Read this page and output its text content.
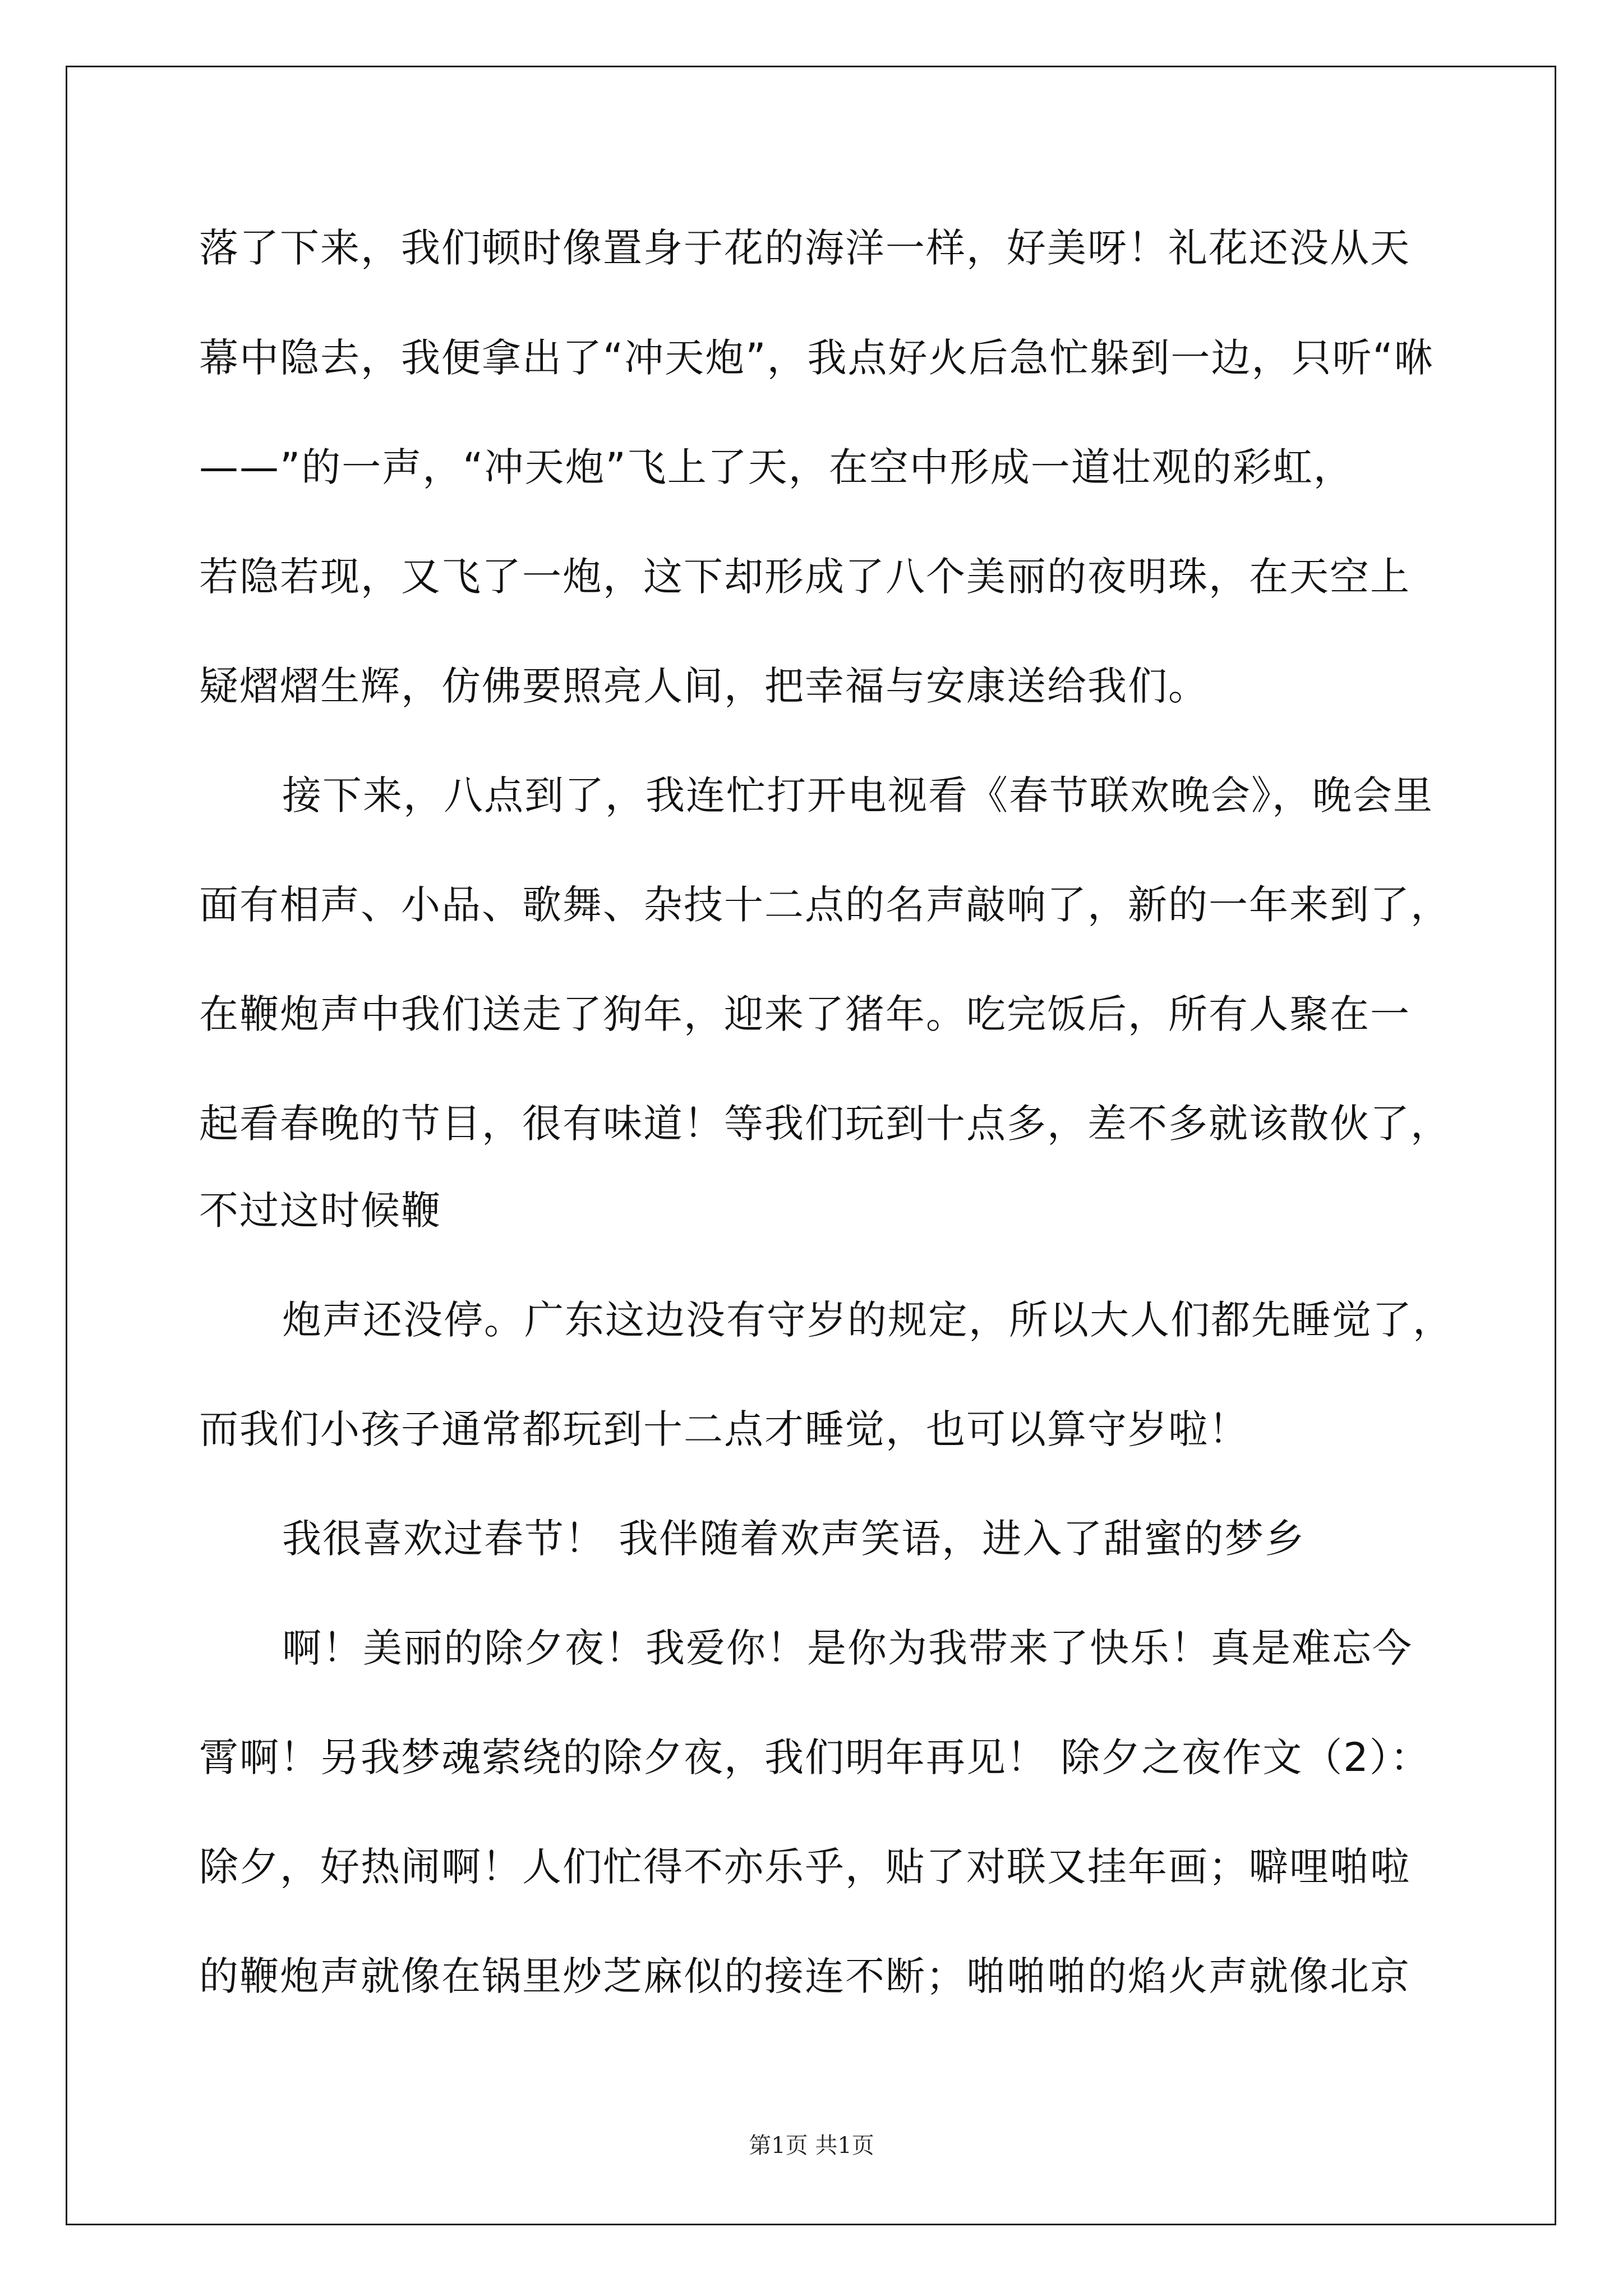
落了下来，我们顿时像置身于花的海洋一样，好美呀！礼花还没从天
幕中隐去，我便拿出了“冲天炮”，我点好火后急忙躲到一边，只听“咻
——”的一声，“冲天炮”飞上了天，在空中形成一道壮观的彩虹，
若隐若现，又飞了一炮，这下却形成了八个美丽的夜明珠，在天空上
疑熠熠生辉，仿佛要照亮人间，把幸福与安康送给我们。
接下来，八点到了，我连忙打开电视看《春节联欢晚会》，晚会里
面有相声、小品、歌舞、杂技十二点的名声敲响了，新的一年来到了，
在鞭炮声中我们送走了狗年，迎来了猪年。吃完饭后，所有人聚在一
起看春晚的节目，很有味道！等我们玩到十点多，差不多就该散伙了，
不过这时候鞭
炮声还没停。广东这边没有守岁的规定，所以大人们都先睡觉了，
而我们小孩子通常都玩到十二点才睡觉，也可以算守岁啦！
我很喜欢过春节！ 我伴随着欢声笑语，进入了甜蜜的梦乡
啊！美丽的除夕夜！我爱你！是你为我带来了快乐！真是难忘今
霄啊！另我梦魂萦绕的除夕夜，我们明年再见！ 除夕之夜作文（2）：
除夕，好热闹啊！人们忙得不亦乐乎，贴了对联又挂年画；噼哩啪啦
的鞭炮声就像在锅里炒芝麻似的接连不断；啪啪啪的焰火声就像北京
第1页 共1页
